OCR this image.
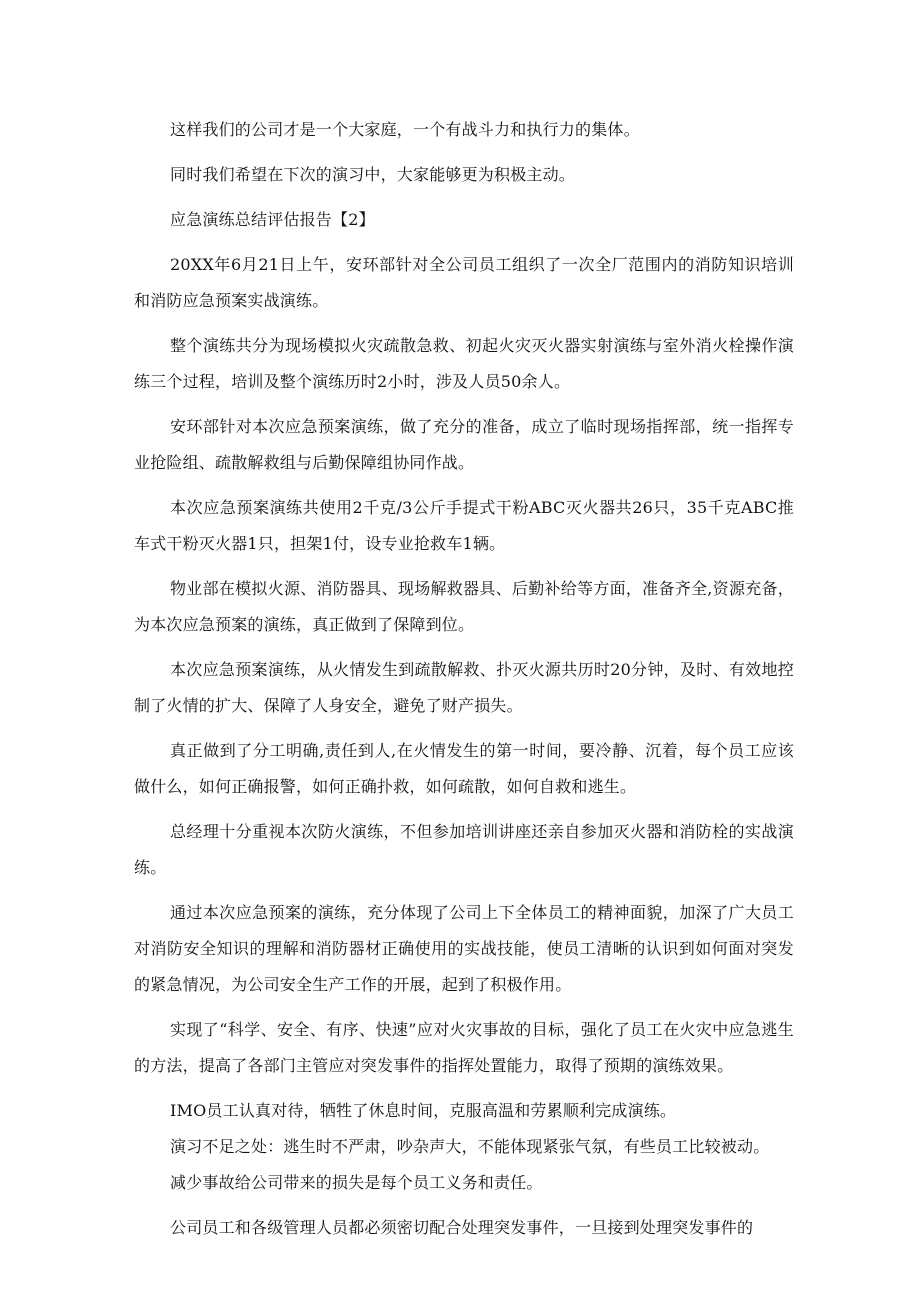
这样我们的公司才是一个大家庭，一个有战斗力和执行力的集体。

同时我们希望在下次的演习中，大家能够更为积极主动。

应急演练总结评估报告【2】

20XX年6月21日上午，安环部针对全公司员工组织了一次全厂范围内的消防知识培训和消防应急预案实战演练。

整个演练共分为现场模拟火灾疏散急救、初起火灾灭火器实射演练与室外消火栓操作演练三个过程，培训及整个演练历时2小时，涉及人员50余人。

安环部针对本次应急预案演练，做了充分的准备，成立了临时现场指挥部，统一指挥专业抢险组、疏散解救组与后勤保障组协同作战。

本次应急预案演练共使用2千克/3公斤手提式干粉ABC灭火器共26只，35千克ABC推车式干粉灭火器1只，担架1付，设专业抢救车1辆。

物业部在模拟火源、消防器具、现场解救器具、后勤补给等方面，准备齐全,资源充备，为本次应急预案的演练，真正做到了保障到位。

本次应急预案演练，从火情发生到疏散解救、扑灭火源共历时20分钟，及时、有效地控制了火情的扩大、保障了人身安全，避免了财产损失。

真正做到了分工明确,责任到人,在火情发生的第一时间，要冷静、沉着，每个员工应该做什么，如何正确报警，如何正确扑救，如何疏散，如何自救和逃生。

总经理十分重视本次防火演练，不但参加培训讲座还亲自参加灭火器和消防栓的实战演练。

通过本次应急预案的演练，充分体现了公司上下全体员工的精神面貌，加深了广大员工对消防安全知识的理解和消防器材正确使用的实战技能，使员工清晰的认识到如何面对突发的紧急情况，为公司安全生产工作的开展，起到了积极作用。

实现了“科学、安全、有序、快速”应对火灾事故的目标，强化了员工在火灾中应急逃生的方法，提高了各部门主管应对突发事件的指挥处置能力，取得了预期的演练效果。

IMO员工认真对待，牺牲了休息时间，克服高温和劳累顺利完成演练。

演习不足之处：逃生时不严肃，吵杂声大，不能体现紧张气氛，有些员工比较被动。

减少事故给公司带来的损失是每个员工义务和责任。

公司员工和各级管理人员都必须密切配合处理突发事件，一旦接到处理突发事件的
